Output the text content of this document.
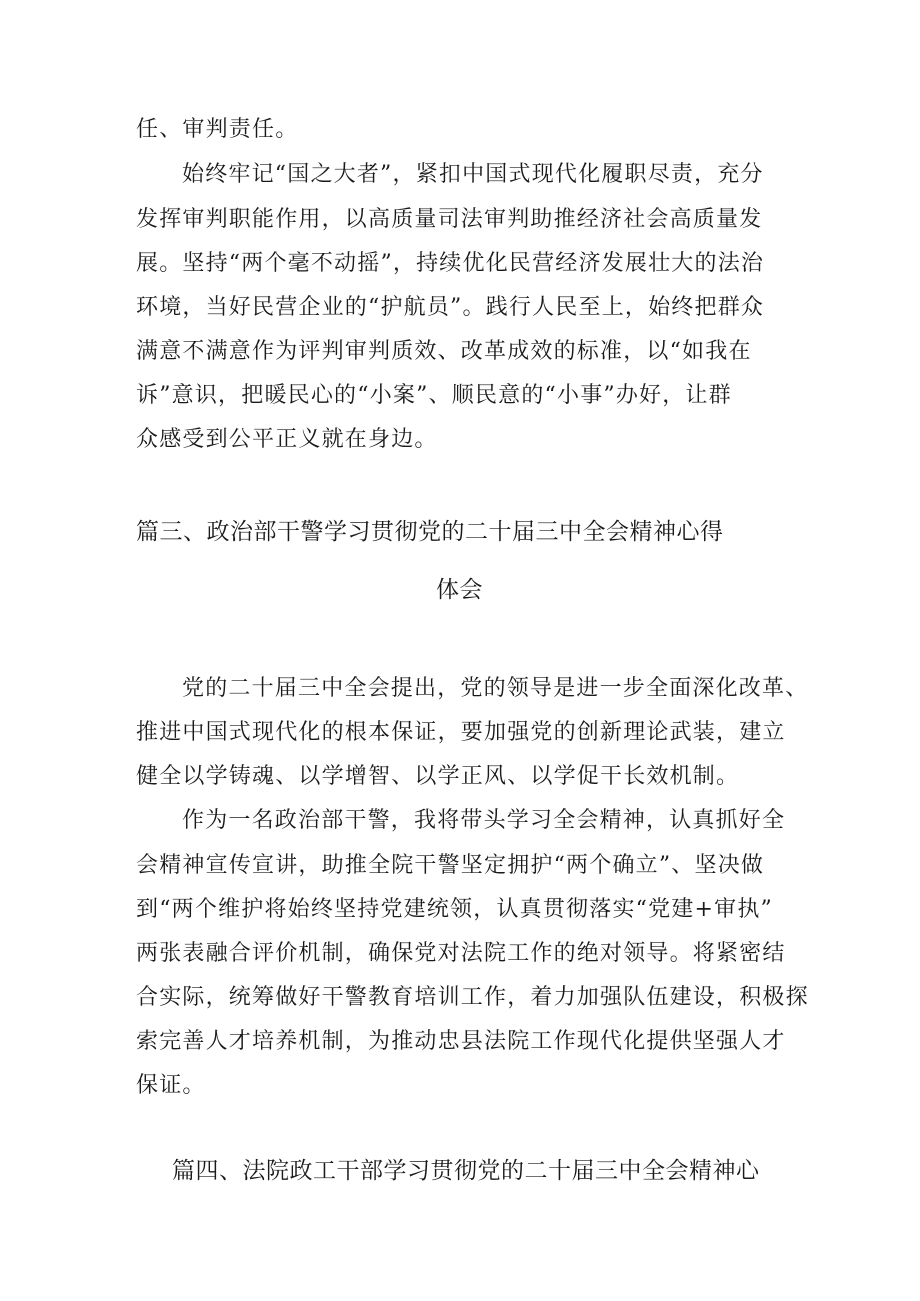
任、审判责任。
始终牢记“国之大者”，紧扣中国式现代化履职尽责，充分
发挥审判职能作用，以高质量司法审判助推经济社会高质量发
展。坚持“两个毫不动摇”，持续优化民营经济发展壮大的法治
环境，当好民营企业的“护航员”。践行人民至上，始终把群众
满意不满意作为评判审判质效、改革成效的标准，以“如我在
诉”意识，把暖民心的“小案”、顺民意的“小事”办好，让群
众感受到公平正义就在身边。
篇三、政治部干警学习贯彻党的二十届三中全会精神心得
体会
党的二十届三中全会提出，党的领导是进一步全面深化改革、
推进中国式现代化的根本保证，要加强党的创新理论武装，建立
健全以学铸魂、以学增智、以学正风、以学促干长效机制。
作为一名政治部干警，我将带头学习全会精神，认真抓好全
会精神宣传宣讲，助推全院干警坚定拥护“两个确立”、坚决做
到“两个维护将始终坚持党建统领，认真贯彻落实“党建+审执”
两张表融合评价机制，确保党对法院工作的绝对领导。将紧密结
合实际，统筹做好干警教育培训工作，着力加强队伍建设，积极探
索完善人才培养机制，为推动忠县法院工作现代化提供坚强人才
保证。
篇四、法院政工干部学习贯彻党的二十届三中全会精神心
